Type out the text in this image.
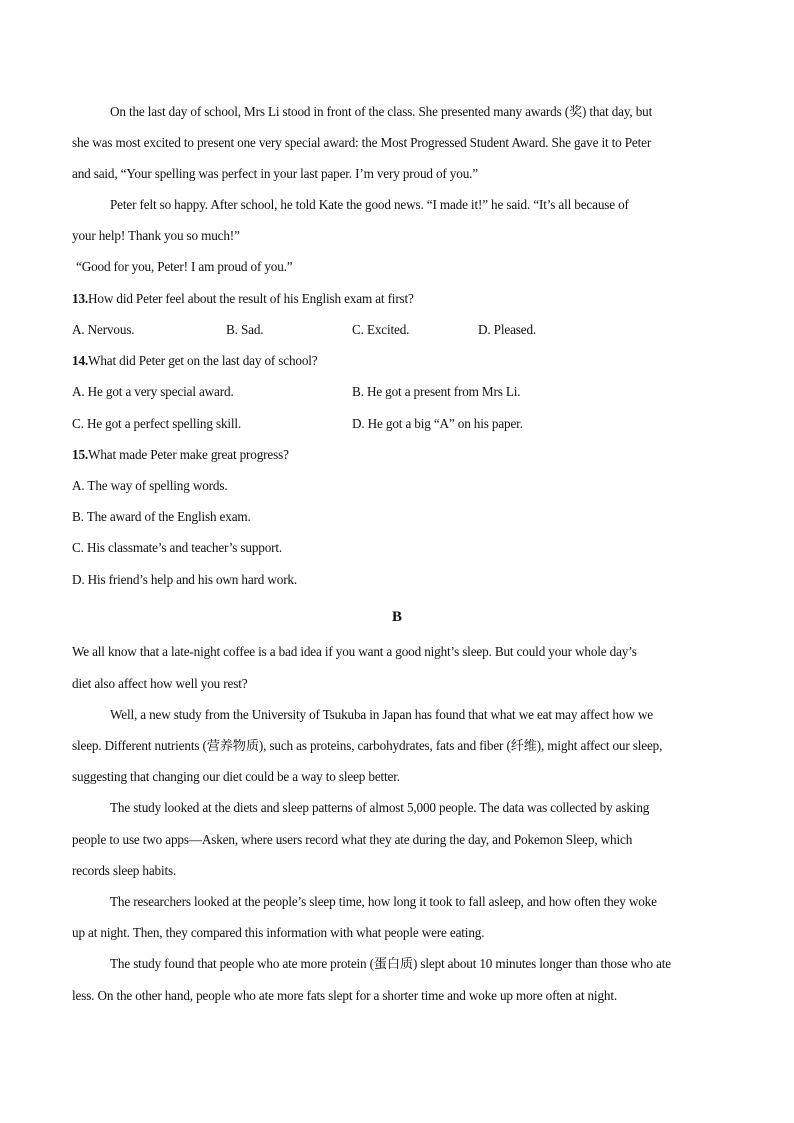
On the last day of school, Mrs Li stood in front of the class. She presented many awards (奖) that day, but
she was most excited to present one very special award: the Most Progressed Student Award. She gave it to Peter
and said, “Your spelling was perfect in your last paper. I’m very proud of you.”
Peter felt so happy. After school, he told Kate the good news. “I made it!” he said. “It’s all because of
your help! Thank you so much!”
“Good for you, Peter! I am proud of you.”
13.How did Peter feel about the result of his English exam at first?
A. Nervous.	B. Sad.	C. Excited.	D. Pleased.
14.What did Peter get on the last day of school?
A. He got a very special award.	B. He got a present from Mrs Li.
C. He got a perfect spelling skill.	D. He got a big “A” on his paper.
15.What made Peter make great progress?
A. The way of spelling words.
B. The award of the English exam.
C. His classmate’s and teacher’s support.
D. His friend’s help and his own hard work.
B
We all know that a late-night coffee is a bad idea if you want a good night’s sleep. But could your whole day’s
diet also affect how well you rest?
Well, a new study from the University of Tsukuba in Japan has found that what we eat may affect how we
sleep. Different nutrients (营养物质), such as proteins, carbohydrates, fats and fiber (纤维), might affect our sleep,
suggesting that changing our diet could be a way to sleep better.
The study looked at the diets and sleep patterns of almost 5,000 people. The data was collected by asking
people to use two apps—Asken, where users record what they ate during the day, and Pokemon Sleep, which
records sleep habits.
The researchers looked at the people’s sleep time, how long it took to fall asleep, and how often they woke
up at night. Then, they compared this information with what people were eating.
The study found that people who ate more protein (蛋白质) slept about 10 minutes longer than those who ate
less. On the other hand, people who ate more fats slept for a shorter time and woke up more often at night.
